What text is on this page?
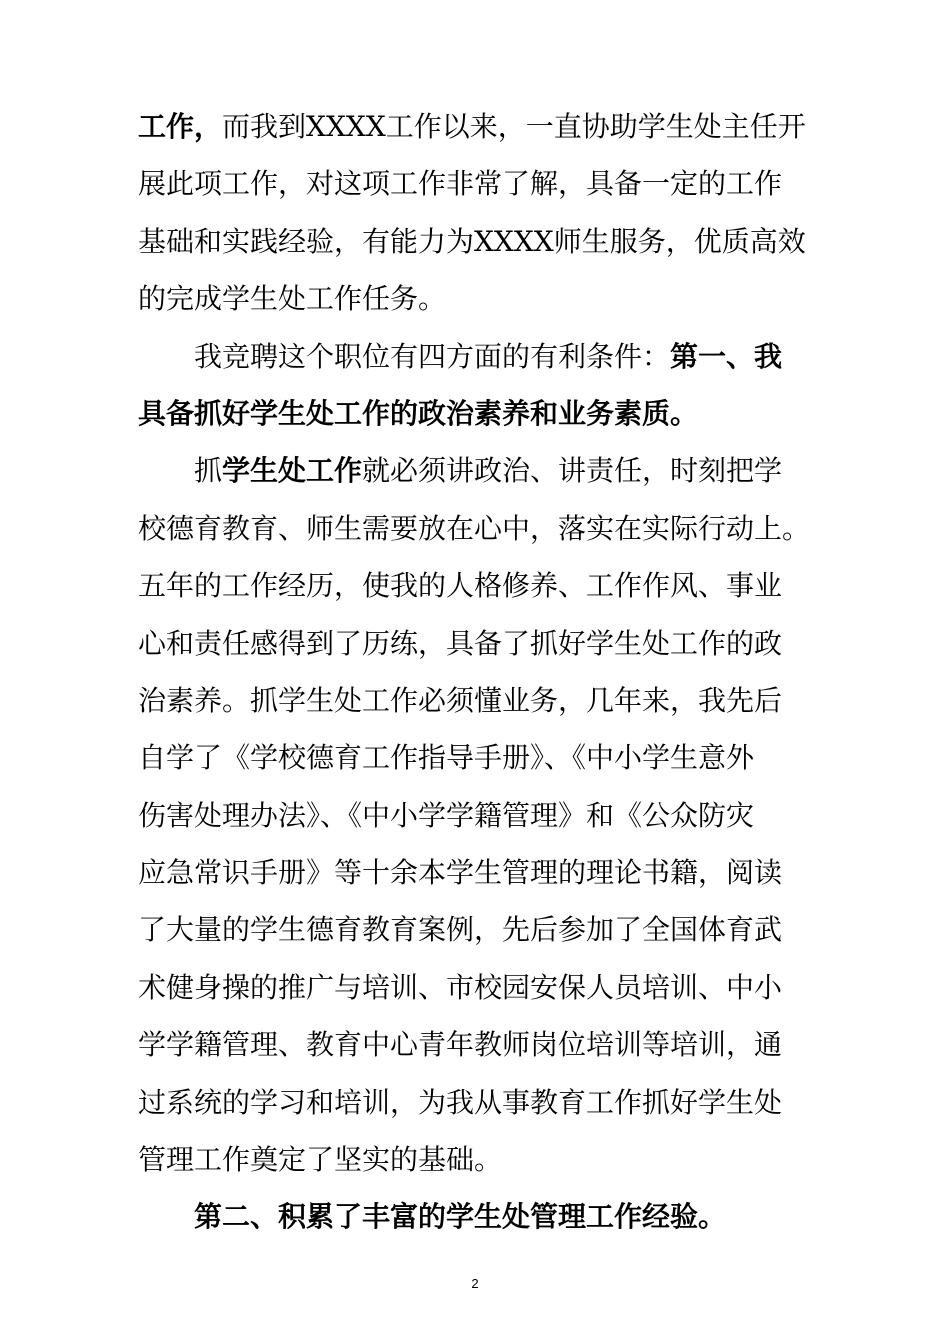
工作，而我到XXXX工作以来，一直协助学生处主任开
展此项工作，对这项工作非常了解，具备一定的工作
基础和实践经验，有能力为XXXX师生服务，优质高效
的完成学生处工作任务。
我竞聘这个职位有四方面的有利条件：第一、我
具备抓好学生处工作的政治素养和业务素质。
抓学生处工作就必须讲政治、讲责任，时刻把学
校德育教育、师生需要放在心中，落实在实际行动上。
五年的工作经历，使我的人格修养、工作作风、事业
心和责任感得到了历练，具备了抓好学生处工作的政
治素养。抓学生处工作必须懂业务，几年来，我先后
自学了《学校德育工作指导手册》、《中小学生意外
伤害处理办法》、《中小学学籍管理》和《公众防灾
应急常识手册》等十余本学生管理的理论书籍，阅读
了大量的学生德育教育案例，先后参加了全国体育武
术健身操的推广与培训、市校园安保人员培训、中小
学学籍管理、教育中心青年教师岗位培训等培训，通
过系统的学习和培训，为我从事教育工作抓好学生处
管理工作奠定了坚实的基础。
第二、积累了丰富的学生处管理工作经验。
2
